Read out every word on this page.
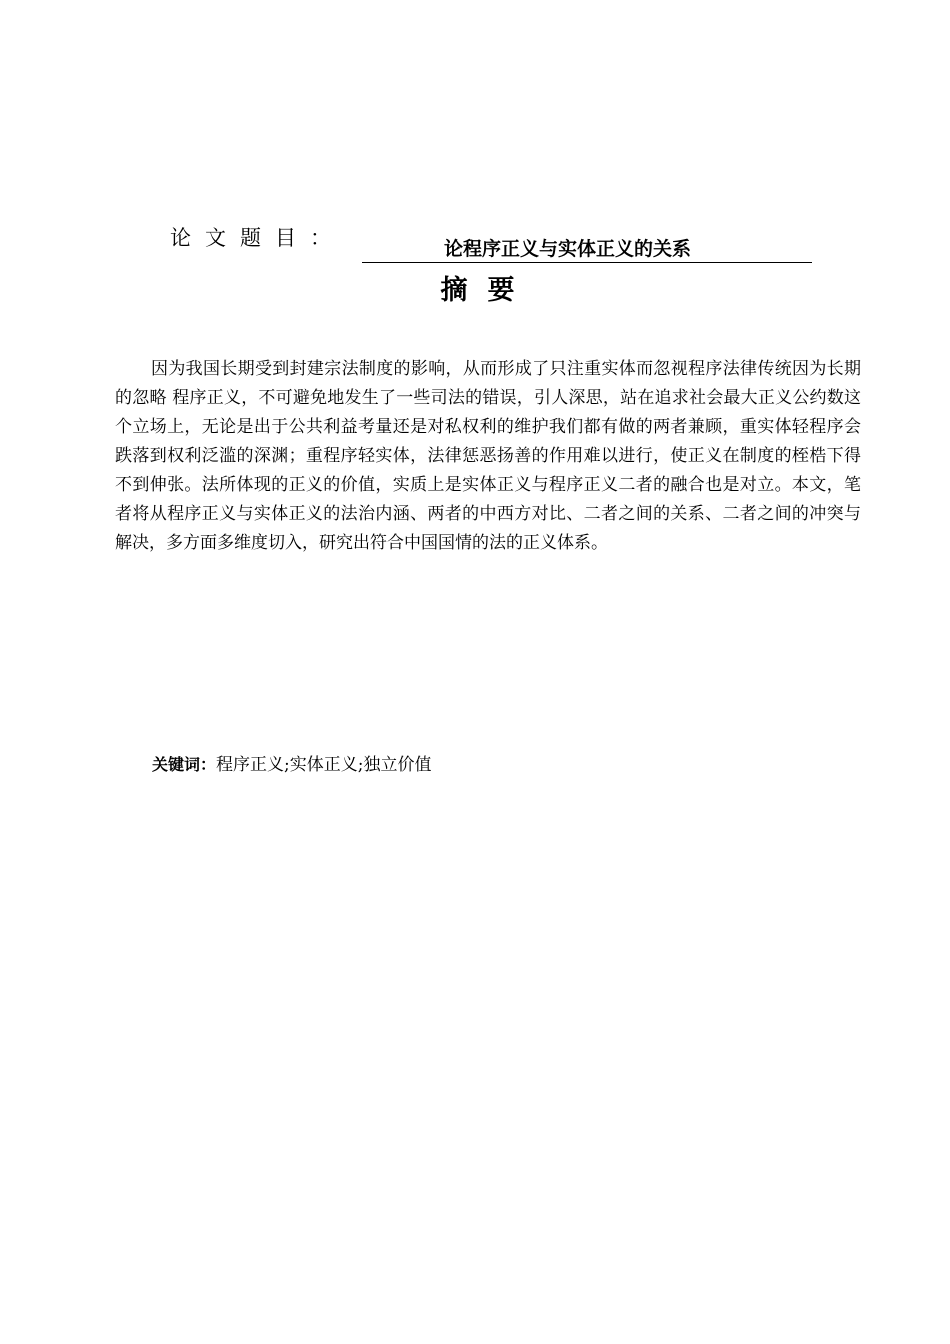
论文题目：	论程序正义与实体正义的关系
摘要

因为我国长期受到封建宗法制度的影响，从而形成了只注重实体而忽视程序法律传统因为长期的忽略 程序正义，不可避免地发生了一些司法的错误，引人深思，站在追求社会最大正义公约数这个立场上，无论是出于公共利益考量还是对私权利的维护我们都有做的两者兼顾，重实体轻程序会跌落到权利泛滥的深渊；重程序轻实体，法律惩恶扬善的作用难以进行，使正义在制度的桎梏下得不到伸张。法所体现的正义的价值，实质上是实体正义与程序正义二者的融合也是对立。本文，笔者将从程序正义与实体正义的法治内涵、两者的中西方对比、二者之间的关系、二者之间的冲突与解决，多方面多维度切入，研究出符合中国国情的法的正义体系。

关键词：程序正义;实体正义;独立价值
